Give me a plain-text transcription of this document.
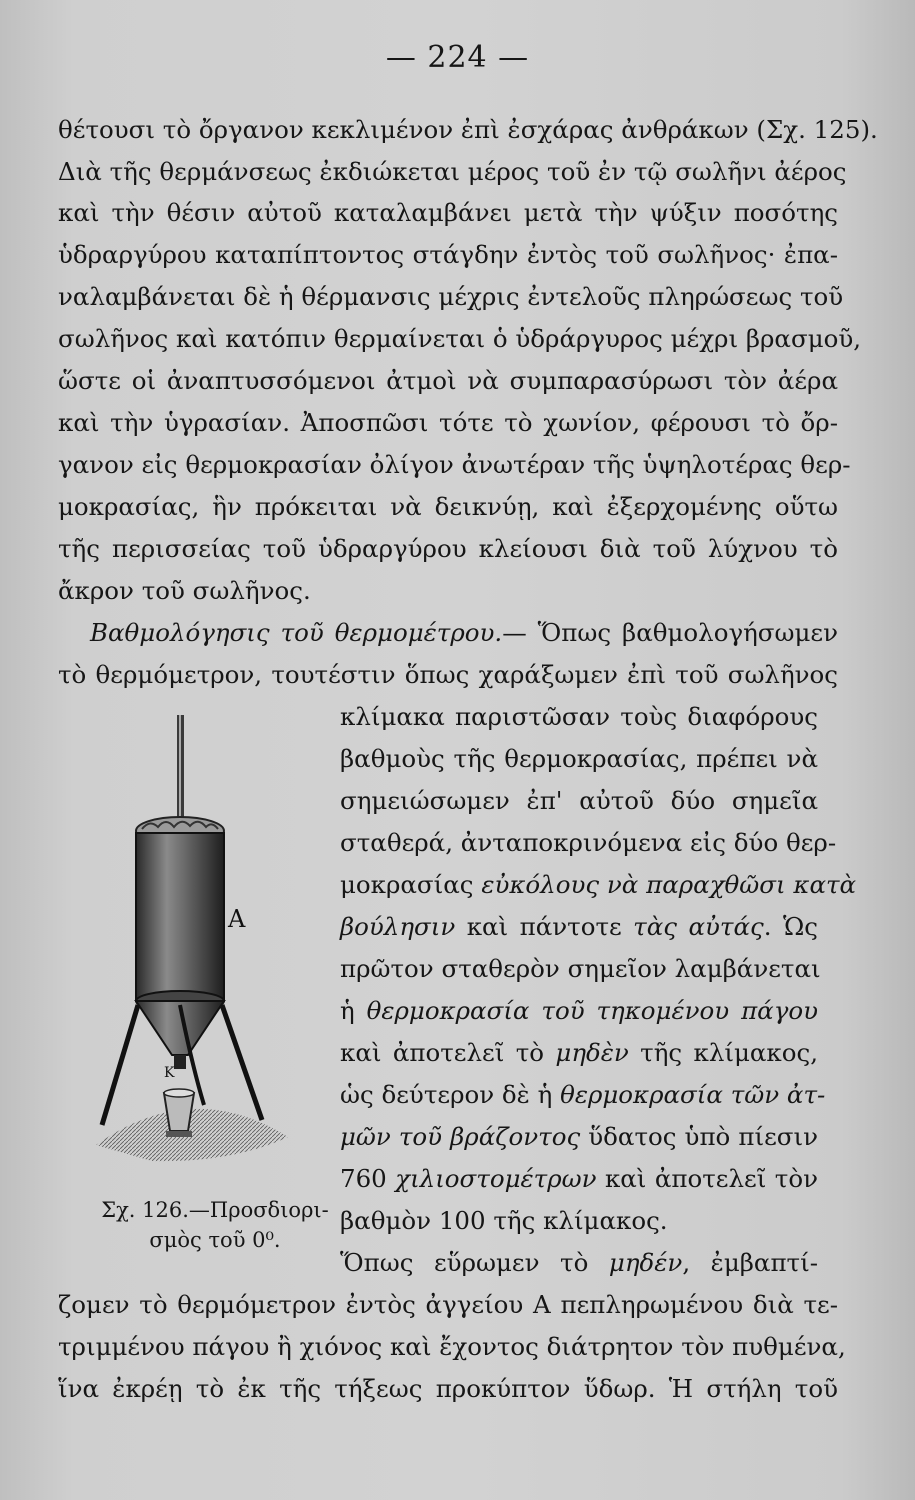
— 224 —
θέτουσι τὸ ὄργανον κεκλιμένον ἐπὶ ἐσχάρας ἀνθράκων (Σχ. 125).
Διὰ τῆς θερμάνσεως ἐκδιώκεται μέρος τοῦ ἐν τῷ σωλῆνι ἀέρος
καὶ τὴν θέσιν αὐτοῦ καταλαμβάνει μετὰ τὴν ψύξιν ποσότης
ὑδραργύρου καταπίπτοντος στάγδην ἐντὸς τοῦ σωλῆνος· ἐπα-
ναλαμβάνεται δὲ ἡ θέρμανσις μέχρις ἐντελοῦς πληρώσεως τοῦ
σωλῆνος καὶ κατόπιν θερμαίνεται ὁ ὑδράργυρος μέχρι βρασμοῦ,
ὥστε οἱ ἀναπτυσσόμενοι ἀτμοὶ νὰ συμπαρασύρωσι τὸν ἀέρα
καὶ τὴν ὑγρασίαν. Ἀποσπῶσι τότε τὸ χωνίον, φέρουσι τὸ ὄρ-
γανον εἰς θερμοκρασίαν ὀλίγον ἀνωτέραν τῆς ὑψηλοτέρας θερ-
μοκρασίας, ἣν πρόκειται νὰ δεικνύῃ, καὶ ἐξερχομένης οὕτω
τῆς περισσείας τοῦ ὑδραργύρου κλείουσι διὰ τοῦ λύχνου τὸ
ἄκρον τοῦ σωλῆνος.
Βαθμολόγησις τοῦ θερμομέτρου.— Ὅπως βαθμολογήσωμεν
τὸ θερμόμετρον, τουτέστιν ὅπως χαράξωμεν ἐπὶ τοῦ σωλῆνος
κλίμακα παριστῶσαν τοὺς διαφόρους
βαθμοὺς τῆς θερμοκρασίας, πρέπει νὰ
σημειώσωμεν ἐπ' αὐτοῦ δύο σημεῖα
σταθερά, ἀνταποκρινόμενα εἰς δύο θερ-
μοκρασίας εὐκόλους νὰ παραχθῶσι κατὰ
βούλησιν καὶ πάντοτε τὰς αὐτάς. Ὡς
πρῶτον σταθερὸν σημεῖον λαμβάνεται
ἡ θερμοκρασία τοῦ τηκομένου πάγου
καὶ ἀποτελεῖ τὸ μηδὲν τῆς κλίμακος,
ὡς δεύτερον δὲ ἡ θερμοκρασία τῶν ἀτ-
μῶν τοῦ βράζοντος ὕδατος ὑπὸ πίεσιν
760 χιλιοστομέτρων καὶ ἀποτελεῖ τὸν
βαθμὸν 100 τῆς κλίμακος.
A
K
Σχ. 126.—Προσδιορι-
σμὸς τοῦ 0⁰.
Ὅπως εὕρωμεν τὸ μηδέν, ἐμβαπτί-
ζομεν τὸ θερμόμετρον ἐντὸς ἀγγείου Α πεπληρωμένου διὰ τε-
τριμμένου πάγου ἢ χιόνος καὶ ἔχοντος διάτρητον τὸν πυθμένα,
ἵνα ἐκρέῃ τὸ ἐκ τῆς τήξεως προκύπτον ὕδωρ. Ἡ στήλη τοῦ
